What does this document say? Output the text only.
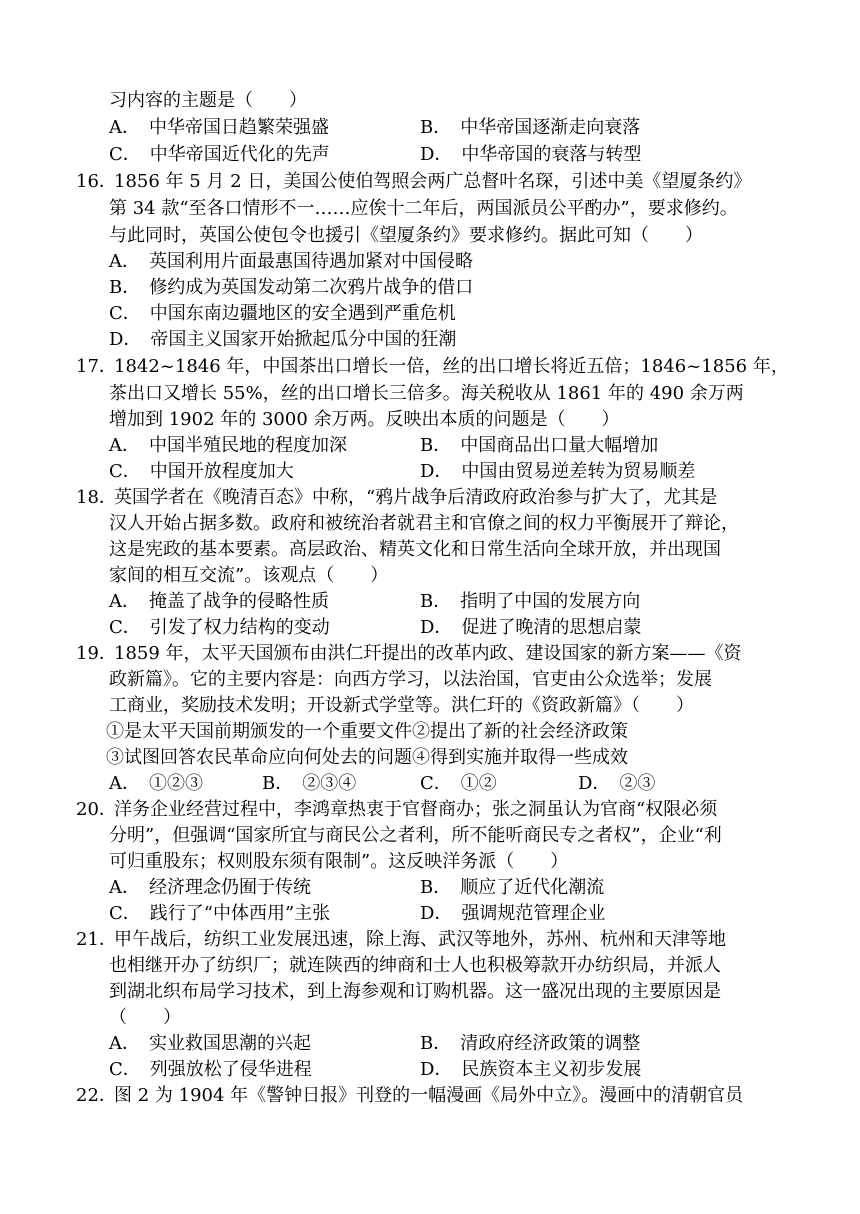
习内容的主题是（　　）
A．　中华帝国日趋繁荣强盛	B．　中华帝国逐渐走向衰落
C．　中华帝国近代化的先声	D．　中华帝国的衰落与转型
16．
1856 年 5 月 2 日，美国公使伯驾照会两广总督叶名琛，引述中美《望厦条约》
第 34 款“至各口情形不一……应俟十二年后，两国派员公平酌办”，要求修约。
与此同时，英国公使包令也援引《望厦条约》要求修约。据此可知（　　）
A．　英国利用片面最惠国待遇加紧对中国侵略
B．　修约成为英国发动第二次鸦片战争的借口
C．　中国东南边疆地区的安全遇到严重危机
D．　帝国主义国家开始掀起瓜分中国的狂潮
17．
1842~1846 年，中国茶出口增长一倍，丝的出口增长将近五倍；1846~1856 年，
茶出口又增长 55%，丝的出口增长三倍多。海关税收从 1861 年的 490 余万两
增加到 1902 年的 3000 余万两。反映出本质的问题是（　　）
A．　中国半殖民地的程度加深	B．　中国商品出口量大幅增加
C．　中国开放程度加大	D．　中国由贸易逆差转为贸易顺差
18．
英国学者在《晚清百态》中称，“鸦片战争后清政府政治参与扩大了，尤其是
汉人开始占据多数。政府和被统治者就君主和官僚之间的权力平衡展开了辩论，
这是宪政的基本要素。高层政治、精英文化和日常生活向全球开放，并出现国
家间的相互交流”。该观点（　　）
A．　掩盖了战争的侵略性质	B．　指明了中国的发展方向
C．　引发了权力结构的变动	D．　促进了晚清的思想启蒙
19．
1859 年，太平天国颁布由洪仁玕提出的改革内政、建设国家的新方案——《资
政新篇》。它的主要内容是：向西方学习，以法治国，官吏由公众选举；发展
工商业，奖励技术发明；开设新式学堂等。洪仁玕的《资政新篇》（　　）
①是太平天国前期颁发的一个重要文件②提出了新的社会经济政策
③试图回答农民革命应向何处去的问题④得到实施并取得一些成效
A．　①②③	B．　②③④	C．　①②	D．　②③
20．
洋务企业经营过程中，李鸿章热衷于官督商办；张之洞虽认为官商“权限必须
分明”，但强调“国家所宜与商民公之者利，所不能听商民专之者权”，企业“利
可归重股东；权则股东须有限制”。这反映洋务派（　　）
A．　经济理念仍囿于传统	B．　顺应了近代化潮流
C．　践行了“中体西用”主张	D．　强调规范管理企业
21．
甲午战后，纺织工业发展迅速，除上海、武汉等地外，苏州、杭州和天津等地
也相继开办了纺织厂；就连陕西的绅商和士人也积极筹款开办纺织局，并派人
到湖北织布局学习技术，到上海参观和订购机器。这一盛况出现的主要原因是
（　　）
A．　实业救国思潮的兴起	B．　清政府经济政策的调整
C．　列强放松了侵华进程	D．　民族资本主义初步发展
22．
图 2 为 1904 年《警钟日报》刊登的一幅漫画《局外中立》。漫画中的清朝官员
